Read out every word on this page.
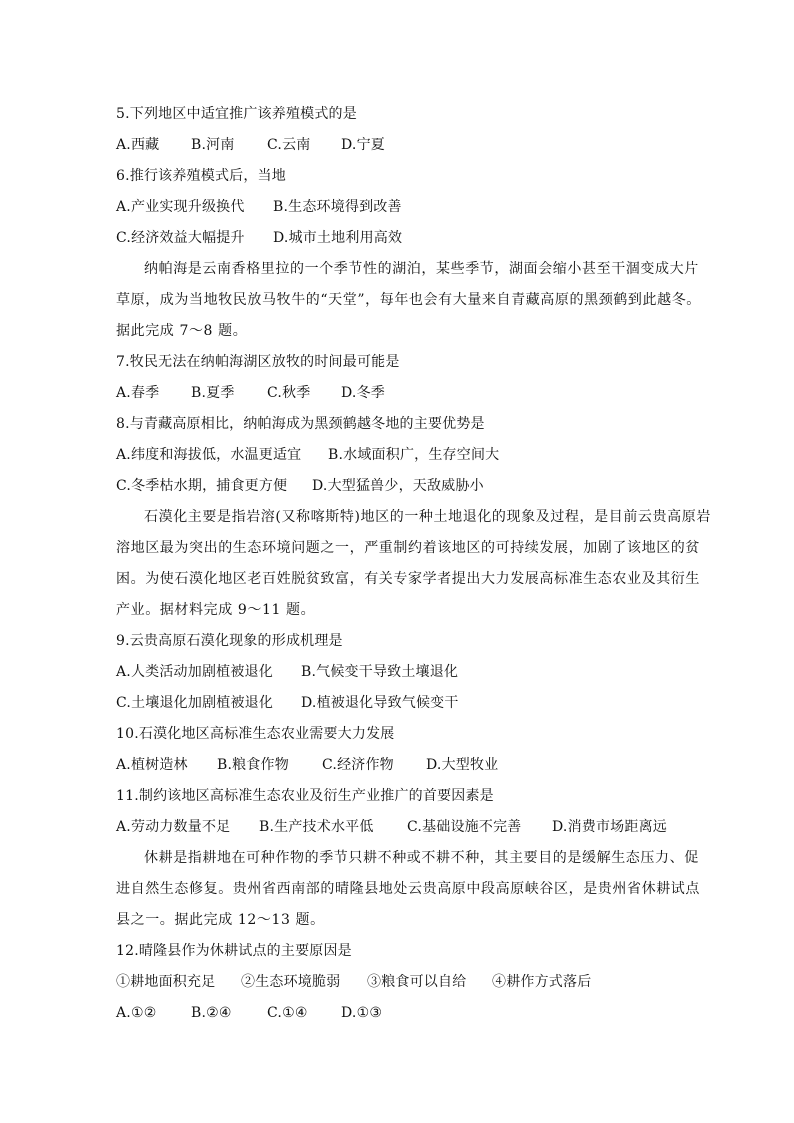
5.下列地区中适宜推广该养殖模式的是
A.西藏 B.河南 C.云南 D.宁夏
6.推行该养殖模式后，当地
A.产业实现升级换代 B.生态环境得到改善
C.经济效益大幅提升 D.城市土地利用高效
纳帕海是云南香格里拉的一个季节性的湖泊，某些季节，湖面会缩小甚至干涸变成大片
草原，成为当地牧民放马牧牛的“天堂”，每年也会有大量来自青藏高原的黑颈鹤到此越冬。
据此完成 7～8 题。
7.牧民无法在纳帕海湖区放牧的时间最可能是
A.春季 B.夏季 C.秋季 D.冬季
8.与青藏高原相比，纳帕海成为黑颈鹤越冬地的主要优势是
A.纬度和海拔低，水温更适宜 B.水域面积广，生存空间大
C.冬季枯水期，捕食更方便 D.大型猛兽少，天敌威胁小
石漠化主要是指岩溶(又称喀斯特)地区的一种土地退化的现象及过程，是目前云贵高原岩
溶地区最为突出的生态环境问题之一，严重制约着该地区的可持续发展，加剧了该地区的贫
困。为使石漠化地区老百姓脱贫致富，有关专家学者提出大力发展高标准生态农业及其衍生
产业。据材料完成 9～11 题。
9.云贵高原石漠化现象的形成机理是
A.人类活动加剧植被退化 B.气候变干导致土壤退化
C.土壤退化加剧植被退化 D.植被退化导致气候变干
10.石漠化地区高标准生态农业需要大力发展
A.植树造林 B.粮食作物 C.经济作物 D.大型牧业
11.制约该地区高标准生态农业及衍生产业推广的首要因素是
A.劳动力数量不足 B.生产技术水平低 C.基础设施不完善 D.消费市场距离远
休耕是指耕地在可种作物的季节只耕不种或不耕不种，其主要目的是缓解生态压力、促
进自然生态修复。贵州省西南部的晴隆县地处云贵高原中段高原峡谷区，是贵州省休耕试点
县之一。据此完成 12～13 题。
12.晴隆县作为休耕试点的主要原因是
①耕地面积充足 ②生态环境脆弱 ③粮食可以自给 ④耕作方式落后
A.①② B.②④	C.①④ D.①③
